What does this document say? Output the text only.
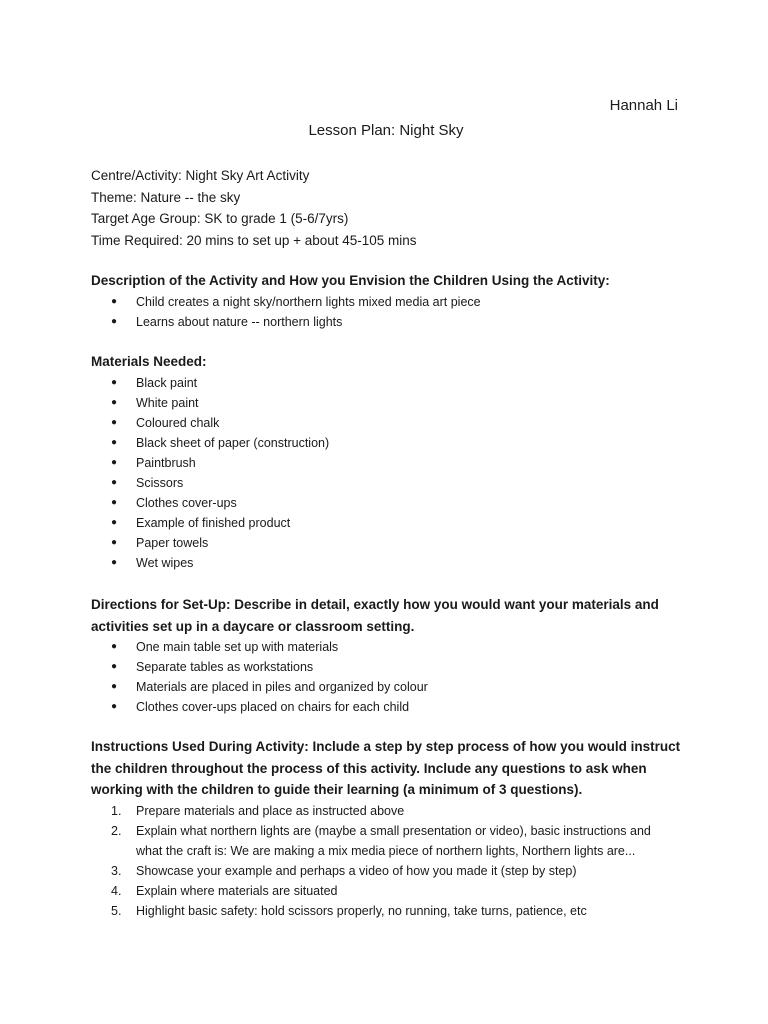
Hannah Li
Lesson Plan: Night Sky
Centre/Activity: Night Sky Art Activity
Theme: Nature -- the sky
Target Age Group: SK to grade 1 (5-6/7yrs)
Time Required: 20 mins to set up + about 45-105 mins

Description of the Activity and How you Envision the Children Using the Activity:

● Child creates a night sky/northern lights mixed media art piece
● Learns about nature -- northern lights

Materials Needed:

● Black paint
● White paint
● Coloured chalk
● Black sheet of paper (construction)
● Paintbrush
● Scissors
● Clothes cover-ups
● Example of finished product
● Paper towels
● Wet wipes

Directions for Set-Up: Describe in detail, exactly how you would want your materials and

activities set up in a daycare or classroom setting.

● One main table set up with materials
● Separate tables as workstations
● Materials are placed in piles and organized by colour
● Clothes cover-ups placed on chairs for each child

Instructions Used During Activity: Include a step by step process of how you would instruct

the children throughout the process of this activity. Include any questions to ask when

working with the children to guide their learning (a minimum of 3 questions).

1. Prepare materials and place as instructed above
2. Explain what northern lights are (maybe a small presentation or video), basic instructions and
what the craft is: We are making a mix media piece of northern lights, Northern lights are...
3. Showcase your example and perhaps a video of how you made it (step by step)
4. Explain where materials are situated
5. Highlight basic safety: hold scissors properly, no running, take turns, patience, etc
